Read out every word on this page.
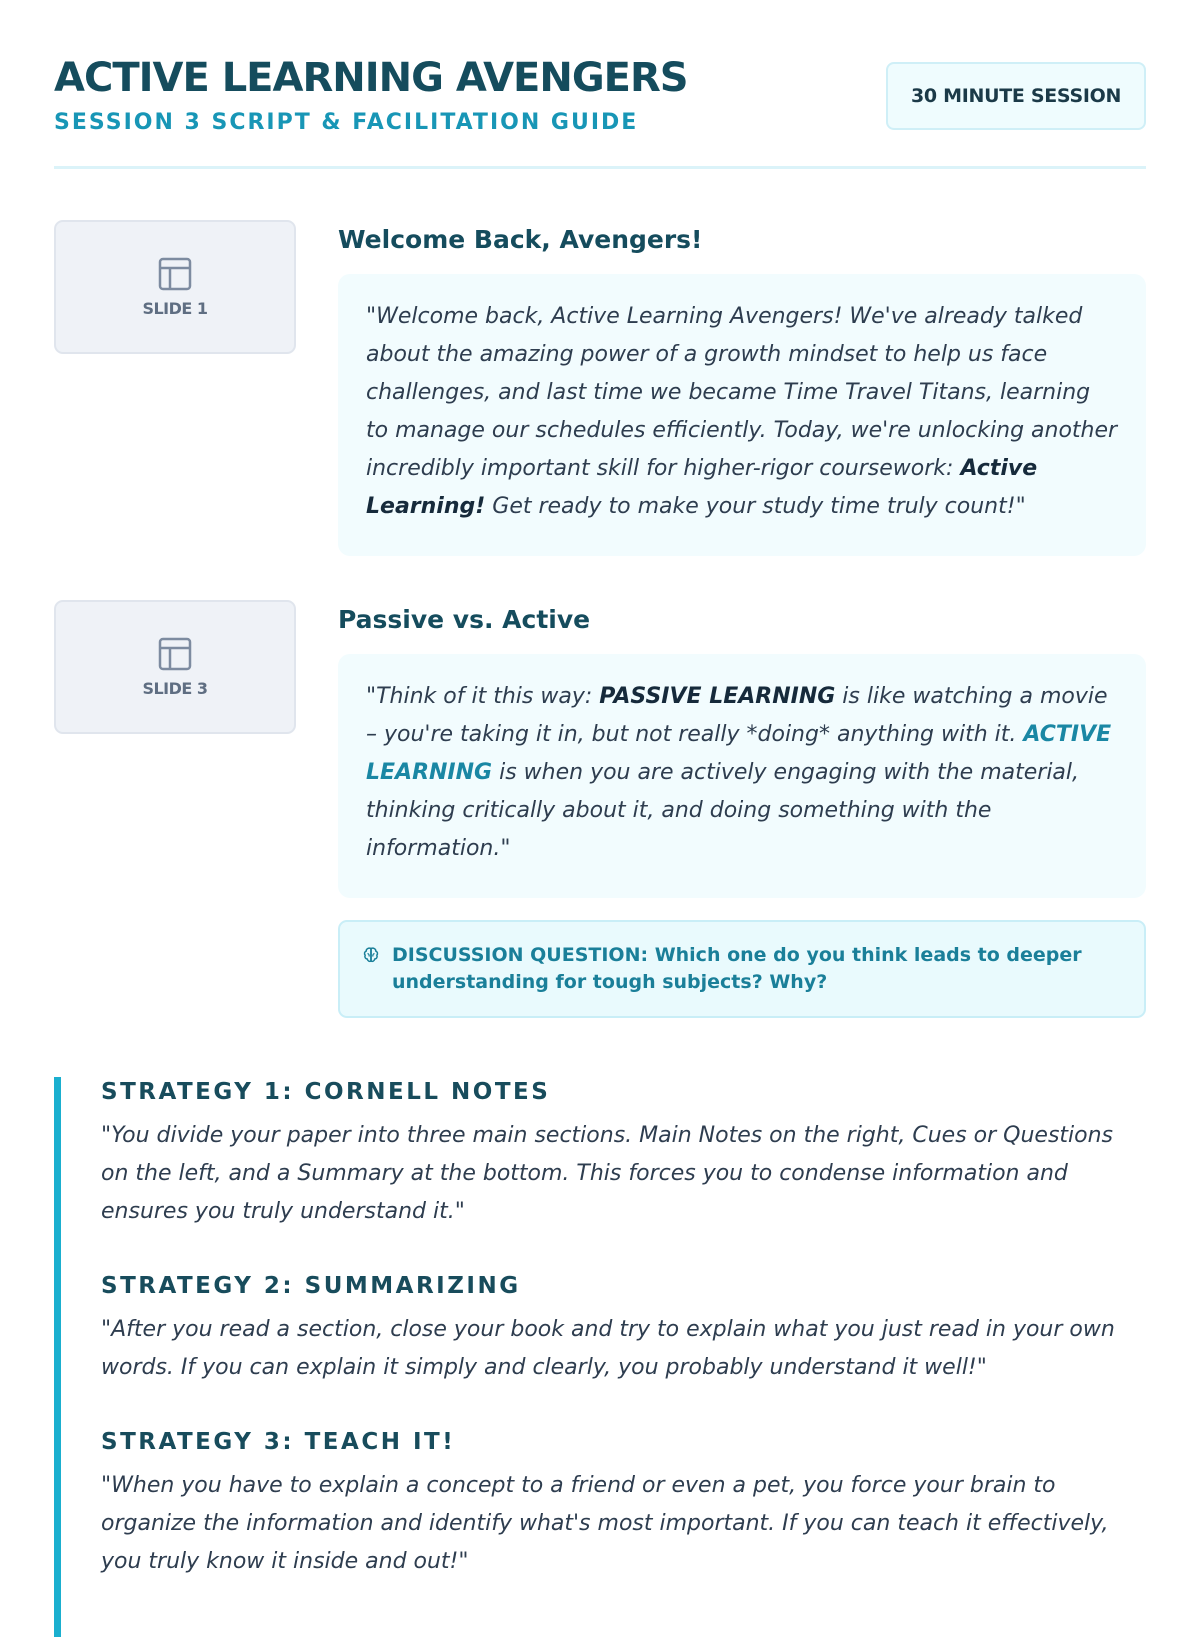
ACTIVE LEARNING AVENGERS
SESSION 3 SCRIPT & FACILITATION GUIDE
30 MINUTE SESSION
SLIDE 1
Welcome Back, Avengers!
"Welcome back, Active Learning Avengers! We've already talked about the amazing power of a growth mindset to help us face challenges, and last time we became Time Travel Titans, learning to manage our schedules efficiently. Today, we're unlocking another incredibly important skill for higher-rigor coursework: Active Learning! Get ready to make your study time truly count!"
SLIDE 3
Passive vs. Active
"Think of it this way: PASSIVE LEARNING is like watching a movie – you're taking it in, but not really *doing* anything with it. ACTIVE LEARNING is when you are actively engaging with the material, thinking critically about it, and doing something with the information."
DISCUSSION QUESTION: Which one do you think leads to deeper understanding for tough subjects? Why?
STRATEGY 1: CORNELL NOTES

"You divide your paper into three main sections. Main Notes on the right, Cues or Questions on the left, and a Summary at the bottom. This forces you to condense information and ensures you truly understand it."

STRATEGY 2: SUMMARIZING

"After you read a section, close your book and try to explain what you just read in your own words. If you can explain it simply and clearly, you probably understand it well!"

STRATEGY 3: TEACH IT!

"When you have to explain a concept to a friend or even a pet, you force your brain to organize the information and identify what's most important. If you can teach it effectively, you truly know it inside and out!"
